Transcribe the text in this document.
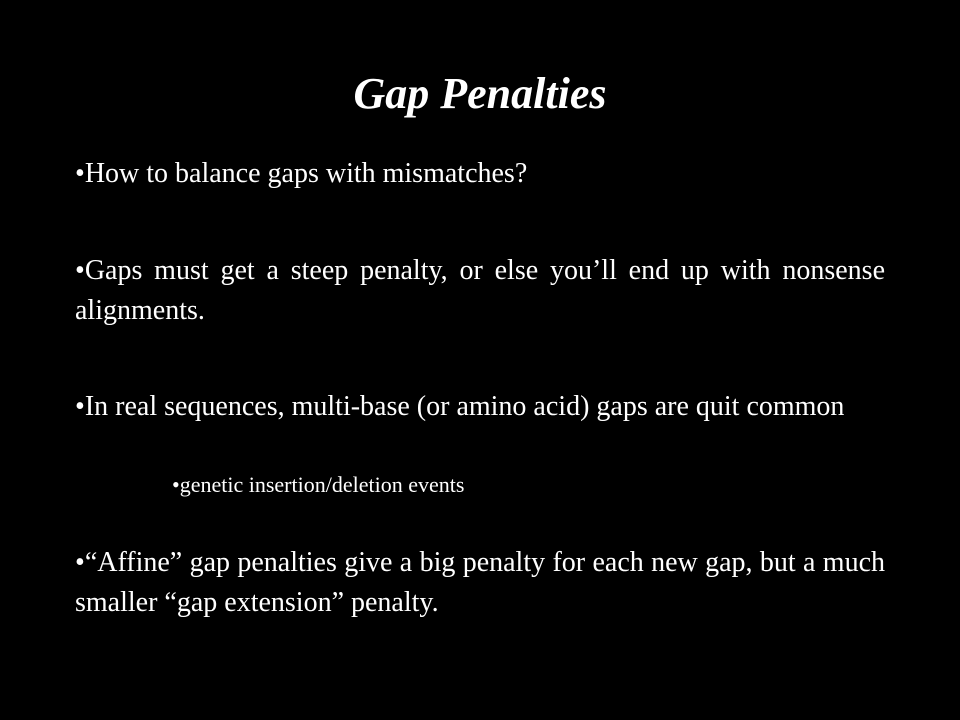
Gap Penalties

•How to balance gaps with mismatches?

•Gaps must get a steep penalty, or else you’ll end up with nonsense alignments.

•In real sequences, multi-base (or amino acid) gaps are quit common

•genetic insertion/deletion events

•“Affine” gap penalties give a big penalty for each new gap, but a much smaller “gap extension” penalty.
